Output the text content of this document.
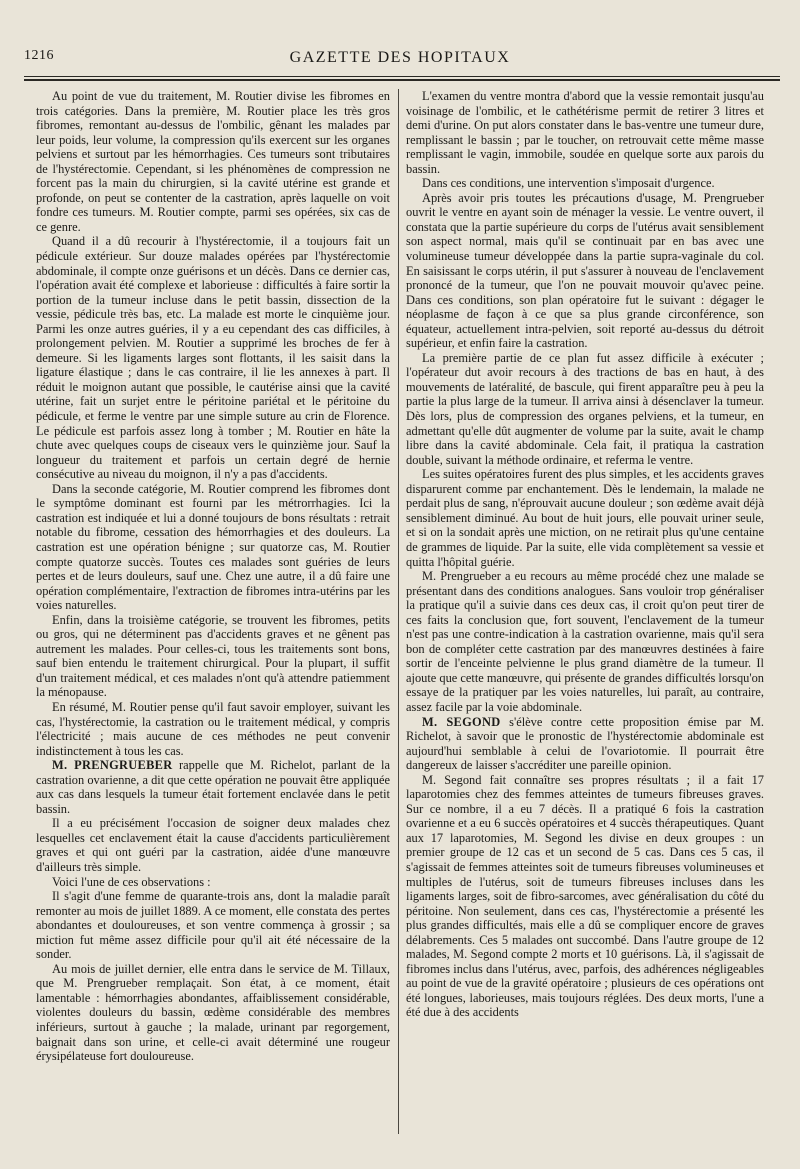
1216	GAZETTE DES HOPITAUX

Au point de vue du traitement, M. Routier divise les fibromes en trois catégories. Dans la première, M. Routier place les très gros fibromes, remontant au-dessus de l'ombilic, gênant les malades par leur poids, leur volume, la compression qu'ils exercent sur les organes pelviens et surtout par les hémorrhagies. Ces tumeurs sont tributaires de l'hystérectomie. Cependant, si les phénomènes de compression ne forcent pas la main du chirurgien, si la cavité utérine est grande et profonde, on peut se contenter de la castration, après laquelle on voit fondre ces tumeurs. M. Routier compte, parmi ses opérées, six cas de ce genre.

Quand il a dû recourir à l'hystérectomie, il a toujours fait un pédicule extérieur. Sur douze malades opérées par l'hystérectomie abdominale, il compte onze guérisons et un décès. Dans ce dernier cas, l'opération avait été complexe et laborieuse : difficultés à faire sortir la portion de la tumeur incluse dans le petit bassin, dissection de la vessie, pédicule très bas, etc. La malade est morte le cinquième jour. Parmi les onze autres guéries, il y a eu cependant des cas difficiles, à prolongement pelvien. M. Routier a supprimé les broches de fer à demeure. Si les ligaments larges sont flottants, il les saisit dans la ligature élastique ; dans le cas contraire, il lie les annexes à part. Il réduit le moignon autant que possible, le cautérise ainsi que la cavité utérine, fait un surjet entre le péritoine pariétal et le péritoine du pédicule, et ferme le ventre par une simple suture au crin de Florence. Le pédicule est parfois assez long à tomber ; M. Routier en hâte la chute avec quelques coups de ciseaux vers le quinzième jour. Sauf la longueur du traitement et parfois un certain degré de hernie consécutive au niveau du moignon, il n'y a pas d'accidents.

Dans la seconde catégorie, M. Routier comprend les fibromes dont le symptôme dominant est fourni par les métrorrhagies. Ici la castration est indiquée et lui a donné toujours de bons résultats : retrait notable du fibrome, cessation des hémorrhagies et des douleurs. La castration est une opération bénigne ; sur quatorze cas, M. Routier compte quatorze succès. Toutes ces malades sont guéries de leurs pertes et de leurs douleurs, sauf une. Chez une autre, il a dû faire une opération complémentaire, l'extraction de fibromes intra-utérins par les voies naturelles.

Enfin, dans la troisième catégorie, se trouvent les fibromes, petits ou gros, qui ne déterminent pas d'accidents graves et ne gênent pas autrement les malades. Pour celles-ci, tous les traitements sont bons, sauf bien entendu le traitement chirurgical. Pour la plupart, il suffit d'un traitement médical, et ces malades n'ont qu'à attendre patiemment la ménopause.

En résumé, M. Routier pense qu'il faut savoir employer, suivant les cas, l'hystérectomie, la castration ou le traitement médical, y compris l'électricité ; mais aucune de ces méthodes ne peut convenir indistinctement à tous les cas.

M. PRENGRUEBER rappelle que M. Richelot, parlant de la castration ovarienne, a dit que cette opération ne pouvait être appliquée aux cas dans lesquels la tumeur était fortement enclavée dans le petit bassin.

Il a eu précisément l'occasion de soigner deux malades chez lesquelles cet enclavement était la cause d'accidents particulièrement graves et qui ont guéri par la castration, aidée d'une manœuvre d'ailleurs très simple.

Voici l'une de ces observations :

Il s'agit d'une femme de quarante-trois ans, dont la maladie paraît remonter au mois de juillet 1889. A ce moment, elle constata des pertes abondantes et douloureuses, et son ventre commença à grossir ; sa miction fut même assez difficile pour qu'il ait été nécessaire de la sonder.

Au mois de juillet dernier, elle entra dans le service de M. Tillaux, que M. Prengrueber remplaçait. Son état, à ce moment, était lamentable : hémorrhagies abondantes, affaiblissement considérable, violentes douleurs du bassin, œdème considérable des membres inférieurs, surtout à gauche ; la malade, urinant par regorgement, baignait dans son urine, et celle-ci avait déterminé une rougeur érysipélateuse fort douloureuse.

L'examen du ventre montra d'abord que la vessie remontait jusqu'au voisinage de l'ombilic, et le cathétérisme permit de retirer 3 litres et demi d'urine. On put alors constater dans le bas-ventre une tumeur dure, remplissant le bassin ; par le toucher, on retrouvait cette même masse remplissant le vagin, immobile, soudée en quelque sorte aux parois du bassin.

Dans ces conditions, une intervention s'imposait d'urgence.

Après avoir pris toutes les précautions d'usage, M. Prengrueber ouvrit le ventre en ayant soin de ménager la vessie. Le ventre ouvert, il constata que la partie supérieure du corps de l'utérus avait sensiblement son aspect normal, mais qu'il se continuait par en bas avec une volumineuse tumeur développée dans la partie supra-vaginale du col. En saisissant le corps utérin, il put s'assurer à nouveau de l'enclavement prononcé de la tumeur, que l'on ne pouvait mouvoir qu'avec peine. Dans ces conditions, son plan opératoire fut le suivant : dégager le néoplasme de façon à ce que sa plus grande circonférence, son équateur, actuellement intra-pelvien, soit reporté au-dessus du détroit supérieur, et enfin faire la castration.

La première partie de ce plan fut assez difficile à exécuter ; l'opérateur dut avoir recours à des tractions de bas en haut, à des mouvements de latéralité, de bascule, qui firent apparaître peu à peu la partie la plus large de la tumeur. Il arriva ainsi à désenclaver la tumeur. Dès lors, plus de compression des organes pelviens, et la tumeur, en admettant qu'elle dût augmenter de volume par la suite, avait le champ libre dans la cavité abdominale. Cela fait, il pratiqua la castration double, suivant la méthode ordinaire, et referma le ventre.

Les suites opératoires furent des plus simples, et les accidents graves disparurent comme par enchantement. Dès le lendemain, la malade ne perdait plus de sang, n'éprouvait aucune douleur ; son œdème avait déjà sensiblement diminué. Au bout de huit jours, elle pouvait uriner seule, et si on la sondait après une miction, on ne retirait plus qu'une centaine de grammes de liquide. Par la suite, elle vida complètement sa vessie et quitta l'hôpital guérie.

M. Prengrueber a eu recours au même procédé chez une malade se présentant dans des conditions analogues. Sans vouloir trop généraliser la pratique qu'il a suivie dans ces deux cas, il croit qu'on peut tirer de ces faits la conclusion que, fort souvent, l'enclavement de la tumeur n'est pas une contre-indication à la castration ovarienne, mais qu'il sera bon de compléter cette castration par des manœuvres destinées à faire sortir de l'enceinte pelvienne le plus grand diamètre de la tumeur. Il ajoute que cette manœuvre, qui présente de grandes difficultés lorsqu'on essaye de la pratiquer par les voies naturelles, lui paraît, au contraire, assez facile par la voie abdominale.

M. SEGOND s'élève contre cette proposition émise par M. Richelot, à savoir que le pronostic de l'hystérectomie abdominale est aujourd'hui semblable à celui de l'ovariotomie. Il pourrait être dangereux de laisser s'accréditer une pareille opinion.

M. Segond fait connaître ses propres résultats ; il a fait 17 laparotomies chez des femmes atteintes de tumeurs fibreuses graves. Sur ce nombre, il a eu 7 décès. Il a pratiqué 6 fois la castration ovarienne et a eu 6 succès opératoires et 4 succès thérapeutiques. Quant aux 17 laparotomies, M. Segond les divise en deux groupes : un premier groupe de 12 cas et un second de 5 cas. Dans ces 5 cas, il s'agissait de femmes atteintes soit de tumeurs fibreuses volumineuses et multiples de l'utérus, soit de tumeurs fibreuses incluses dans les ligaments larges, soit de fibro-sarcomes, avec généralisation du côté du péritoine. Non seulement, dans ces cas, l'hystérectomie a présenté les plus grandes difficultés, mais elle a dû se compliquer encore de graves délabrements. Ces 5 malades ont succombé. Dans l'autre groupe de 12 malades, M. Segond compte 2 morts et 10 guérisons. Là, il s'agissait de fibromes inclus dans l'utérus, avec, parfois, des adhérences négligeables au point de vue de la gravité opératoire ; plusieurs de ces opérations ont été longues, laborieuses, mais toujours réglées. Des deux morts, l'une a été due à des accidents
